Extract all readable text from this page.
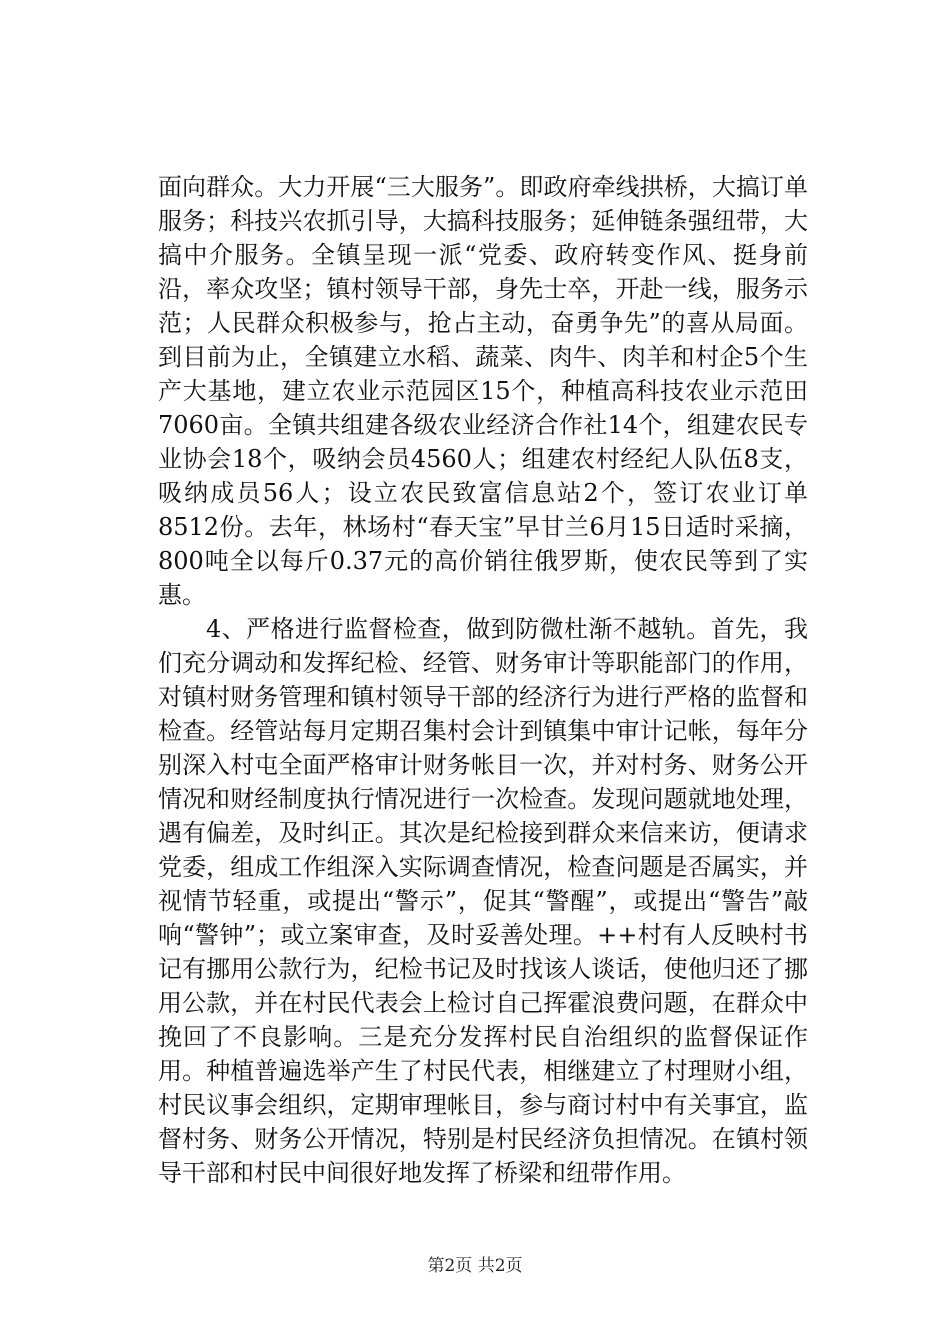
面向群众。大力开展“三大服务”。即政府牵线拱桥，大搞订单服务；科技兴农抓引导，大搞科技服务；延伸链条强纽带，大搞中介服务。全镇呈现一派“党委、政府转变作风、挺身前沿，率众攻坚；镇村领导干部，身先士卒，开赴一线，服务示范；人民群众积极参与，抢占主动，奋勇争先”的喜从局面。到目前为止，全镇建立水稻、蔬菜、肉牛、肉羊和村企5个生产大基地，建立农业示范园区15个，种植高科技农业示范田7060亩。全镇共组建各级农业经济合作社14个，组建农民专业协会18个，吸纳会员4560人；组建农村经纪人队伍8支，吸纳成员56人；设立农民致富信息站2个，签订农业订单8512份。去年，林场村“春天宝”早甘兰6月15日适时采摘，800吨全以每斤0.37元的高价销往俄罗斯，使农民等到了实惠。

4、严格进行监督检查，做到防微杜渐不越轨。首先，我们充分调动和发挥纪检、经管、财务审计等职能部门的作用，对镇村财务管理和镇村领导干部的经济行为进行严格的监督和检查。经管站每月定期召集村会计到镇集中审计记帐，每年分别深入村屯全面严格审计财务帐目一次，并对村务、财务公开情况和财经制度执行情况进行一次检查。发现问题就地处理，遇有偏差，及时纠正。其次是纪检接到群众来信来访，便请求党委，组成工作组深入实际调查情况，检查问题是否属实，并视情节轻重，或提出“警示”，促其“警醒”，或提出“警告”敲响“警钟”；或立案审查，及时妥善处理。++村有人反映村书记有挪用公款行为，纪检书记及时找该人谈话，使他归还了挪用公款，并在村民代表会上检讨自己挥霍浪费问题，在群众中挽回了不良影响。三是充分发挥村民自治组织的监督保证作用。种植普遍选举产生了村民代表，相继建立了村理财小组，村民议事会组织，定期审理帐目，参与商讨村中有关事宜，监督村务、财务公开情况，特别是村民经济负担情况。在镇村领导干部和村民中间很好地发挥了桥梁和纽带作用。

第2页 共2页
